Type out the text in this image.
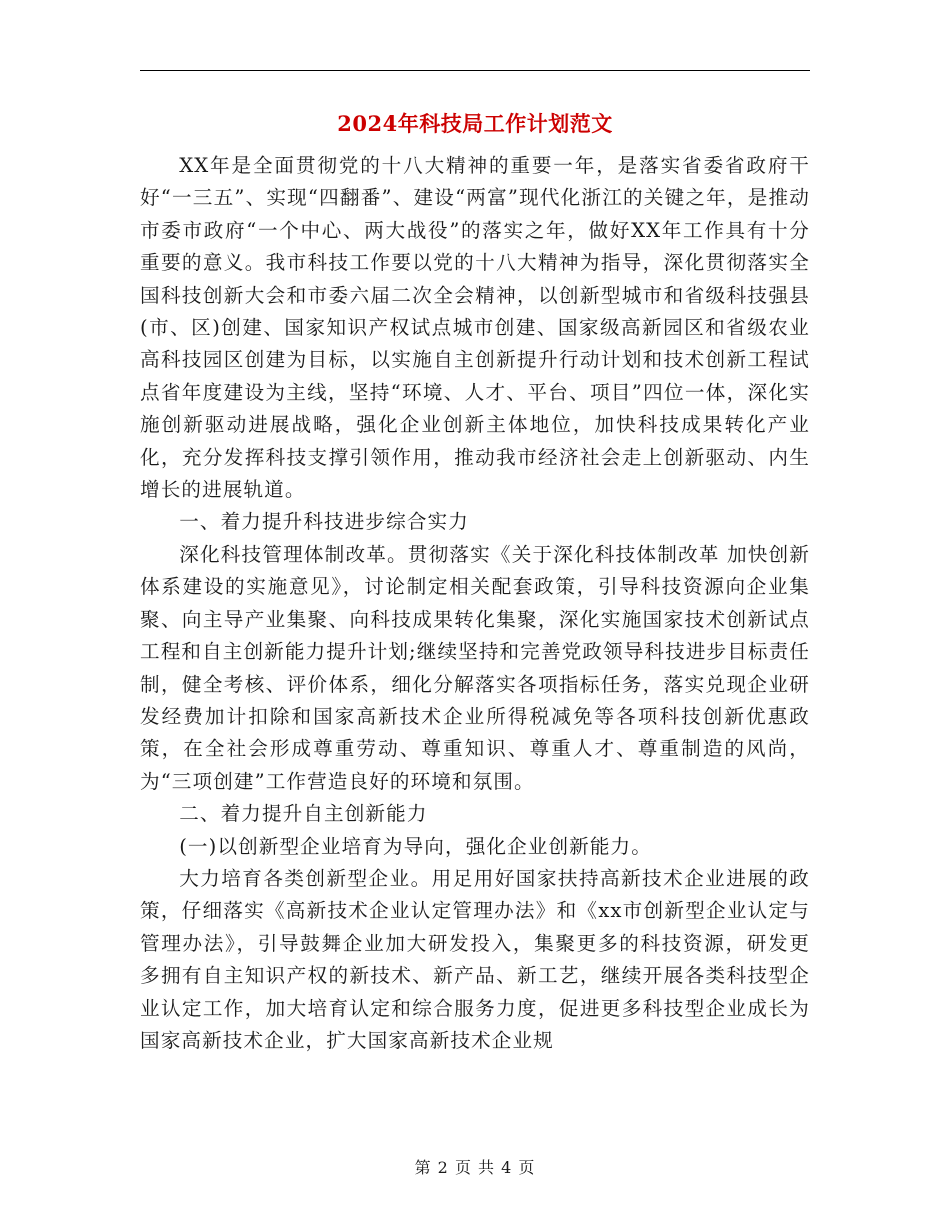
2024年科技局工作计划范文

XX年是全面贯彻党的十八大精神的重要一年，是落实省委省政府干好“一三五”、实现“四翻番”、建设“两富”现代化浙江的关键之年，是推动市委市政府“一个中心、两大战役”的落实之年，做好XX年工作具有十分重要的意义。我市科技工作要以党的十八大精神为指导，深化贯彻落实全国科技创新大会和市委六届二次全会精神，以创新型城市和省级科技强县(市、区)创建、国家知识产权试点城市创建、国家级高新园区和省级农业高科技园区创建为目标，以实施自主创新提升行动计划和技术创新工程试点省年度建设为主线，坚持“环境、人才、平台、项目”四位一体，深化实施创新驱动进展战略，强化企业创新主体地位，加快科技成果转化产业化，充分发挥科技支撑引领作用，推动我市经济社会走上创新驱动、内生增长的进展轨道。

一、着力提升科技进步综合实力

深化科技管理体制改革。贯彻落实《关于深化科技体制改革 加快创新体系建设的实施意见》，讨论制定相关配套政策，引导科技资源向企业集聚、向主导产业集聚、向科技成果转化集聚，深化实施国家技术创新试点工程和自主创新能力提升计划;继续坚持和完善党政领导科技进步目标责任制，健全考核、评价体系，细化分解落实各项指标任务，落实兑现企业研发经费加计扣除和国家高新技术企业所得税减免等各项科技创新优惠政策，在全社会形成尊重劳动、尊重知识、尊重人才、尊重制造的风尚，为“三项创建”工作营造良好的环境和氛围。

二、着力提升自主创新能力

(一)以创新型企业培育为导向，强化企业创新能力。

大力培育各类创新型企业。用足用好国家扶持高新技术企业进展的政策，仔细落实《高新技术企业认定管理办法》和《xx市创新型企业认定与管理办法》，引导鼓舞企业加大研发投入，集聚更多的科技资源，研发更多拥有自主知识产权的新技术、新产品、新工艺，继续开展各类科技型企业认定工作，加大培育认定和综合服务力度，促进更多科技型企业成长为国家高新技术企业，扩大国家高新技术企业规

第 2 页 共 4 页
